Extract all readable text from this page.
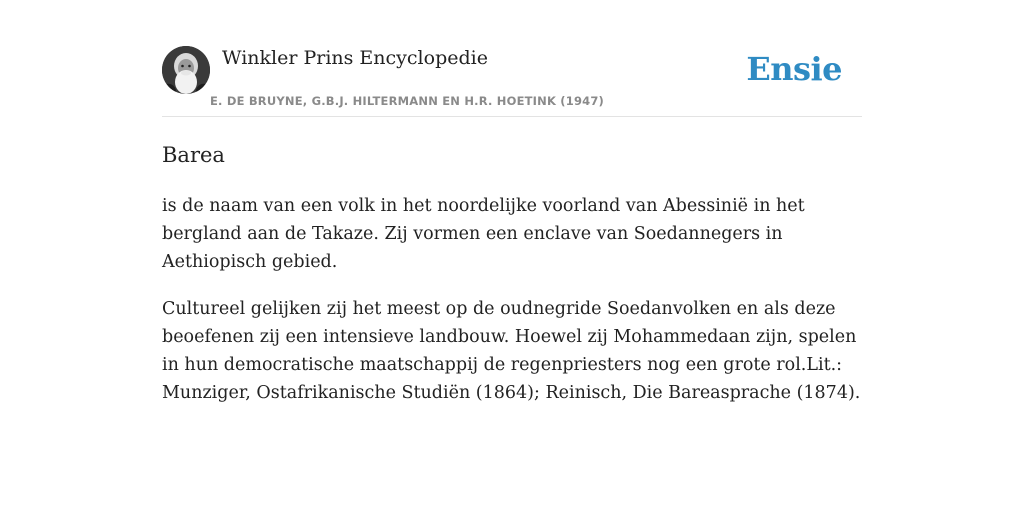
Winkler Prins Encyclopedie
E. DE BRUYNE, G.B.J. HILTERMANN EN H.R. HOETINK (1947)
Ensie
Barea

is de naam van een volk in het noordelijke voorland van Abessinië in het bergland aan de Takaze. Zij vormen een enclave van Soedannegers in Aethiopisch gebied.

Cultureel gelijken zij het meest op de oudnegride Soedanvolken en als deze beoefenen zij een intensieve landbouw. Hoewel zij Mohammedaan zijn, spelen in hun democratische maatschappij de regenpriesters nog een grote rol.Lit.: Munziger, Ostafrikanische Studiën (1864); Reinisch, Die Bareasprache (1874).
